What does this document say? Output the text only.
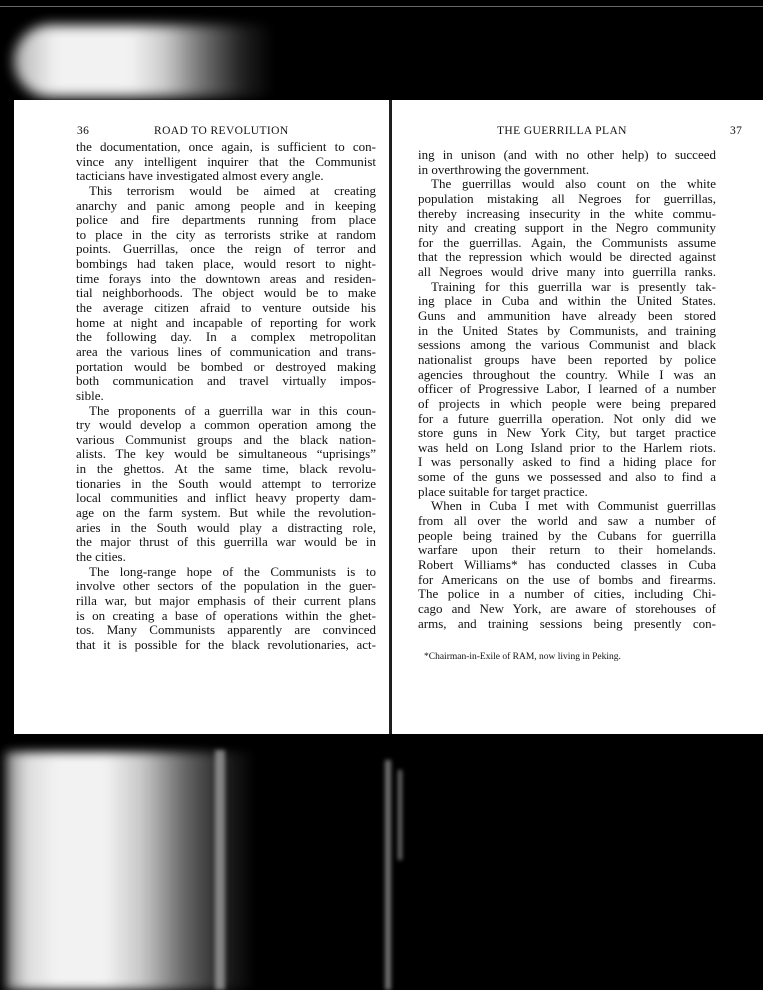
36	ROAD TO REVOLUTION
the documentation, once again, is sufficient to con-
vince any intelligent inquirer that the Communist
tacticians have investigated almost every angle.
This terrorism would be aimed at creating
anarchy and panic among people and in keeping
police and fire departments running from place
to place in the city as terrorists strike at random
points. Guerrillas, once the reign of terror and
bombings had taken place, would resort to night-
time forays into the downtown areas and residen-
tial neighborhoods. The object would be to make
the average citizen afraid to venture outside his
home at night and incapable of reporting for work
the following day. In a complex metropolitan
area the various lines of communication and trans-
portation would be bombed or destroyed making
both communication and travel virtually impos-
sible.
The proponents of a guerrilla war in this coun-
try would develop a common operation among the
various Communist groups and the black nation-
alists. The key would be simultaneous “uprisings”
in the ghettos. At the same time, black revolu-
tionaries in the South would attempt to terrorize
local communities and inflict heavy property dam-
age on the farm system. But while the revolution-
aries in the South would play a distracting role,
the major thrust of this guerrilla war would be in
the cities.
The long-range hope of the Communists is to
involve other sectors of the population in the guer-
rilla war, but major emphasis of their current plans
is on creating a base of operations within the ghet-
tos. Many Communists apparently are convinced
that it is possible for the black revolutionaries, act-
THE GUERRILLA PLAN	37
ing in unison (and with no other help) to succeed
in overthrowing the government.
The guerrillas would also count on the white
population mistaking all Negroes for guerrillas,
thereby increasing insecurity in the white commu-
nity and creating support in the Negro community
for the guerrillas. Again, the Communists assume
that the repression which would be directed against
all Negroes would drive many into guerrilla ranks.
Training for this guerrilla war is presently tak-
ing place in Cuba and within the United States.
Guns and ammunition have already been stored
in the United States by Communists, and training
sessions among the various Communist and black
nationalist groups have been reported by police
agencies throughout the country. While I was an
officer of Progressive Labor, I learned of a number
of projects in which people were being prepared
for a future guerrilla operation. Not only did we
store guns in New York City, but target practice
was held on Long Island prior to the Harlem riots.
I was personally asked to find a hiding place for
some of the guns we possessed and also to find a
place suitable for target practice.
When in Cuba I met with Communist guerrillas
from all over the world and saw a number of
people being trained by the Cubans for guerrilla
warfare upon their return to their homelands.
Robert Williams* has conducted classes in Cuba
for Americans on the use of bombs and firearms.
The police in a number of cities, including Chi-
cago and New York, are aware of storehouses of
arms, and training sessions being presently con-
*Chairman-in-Exile of RAM, now living in Peking.
